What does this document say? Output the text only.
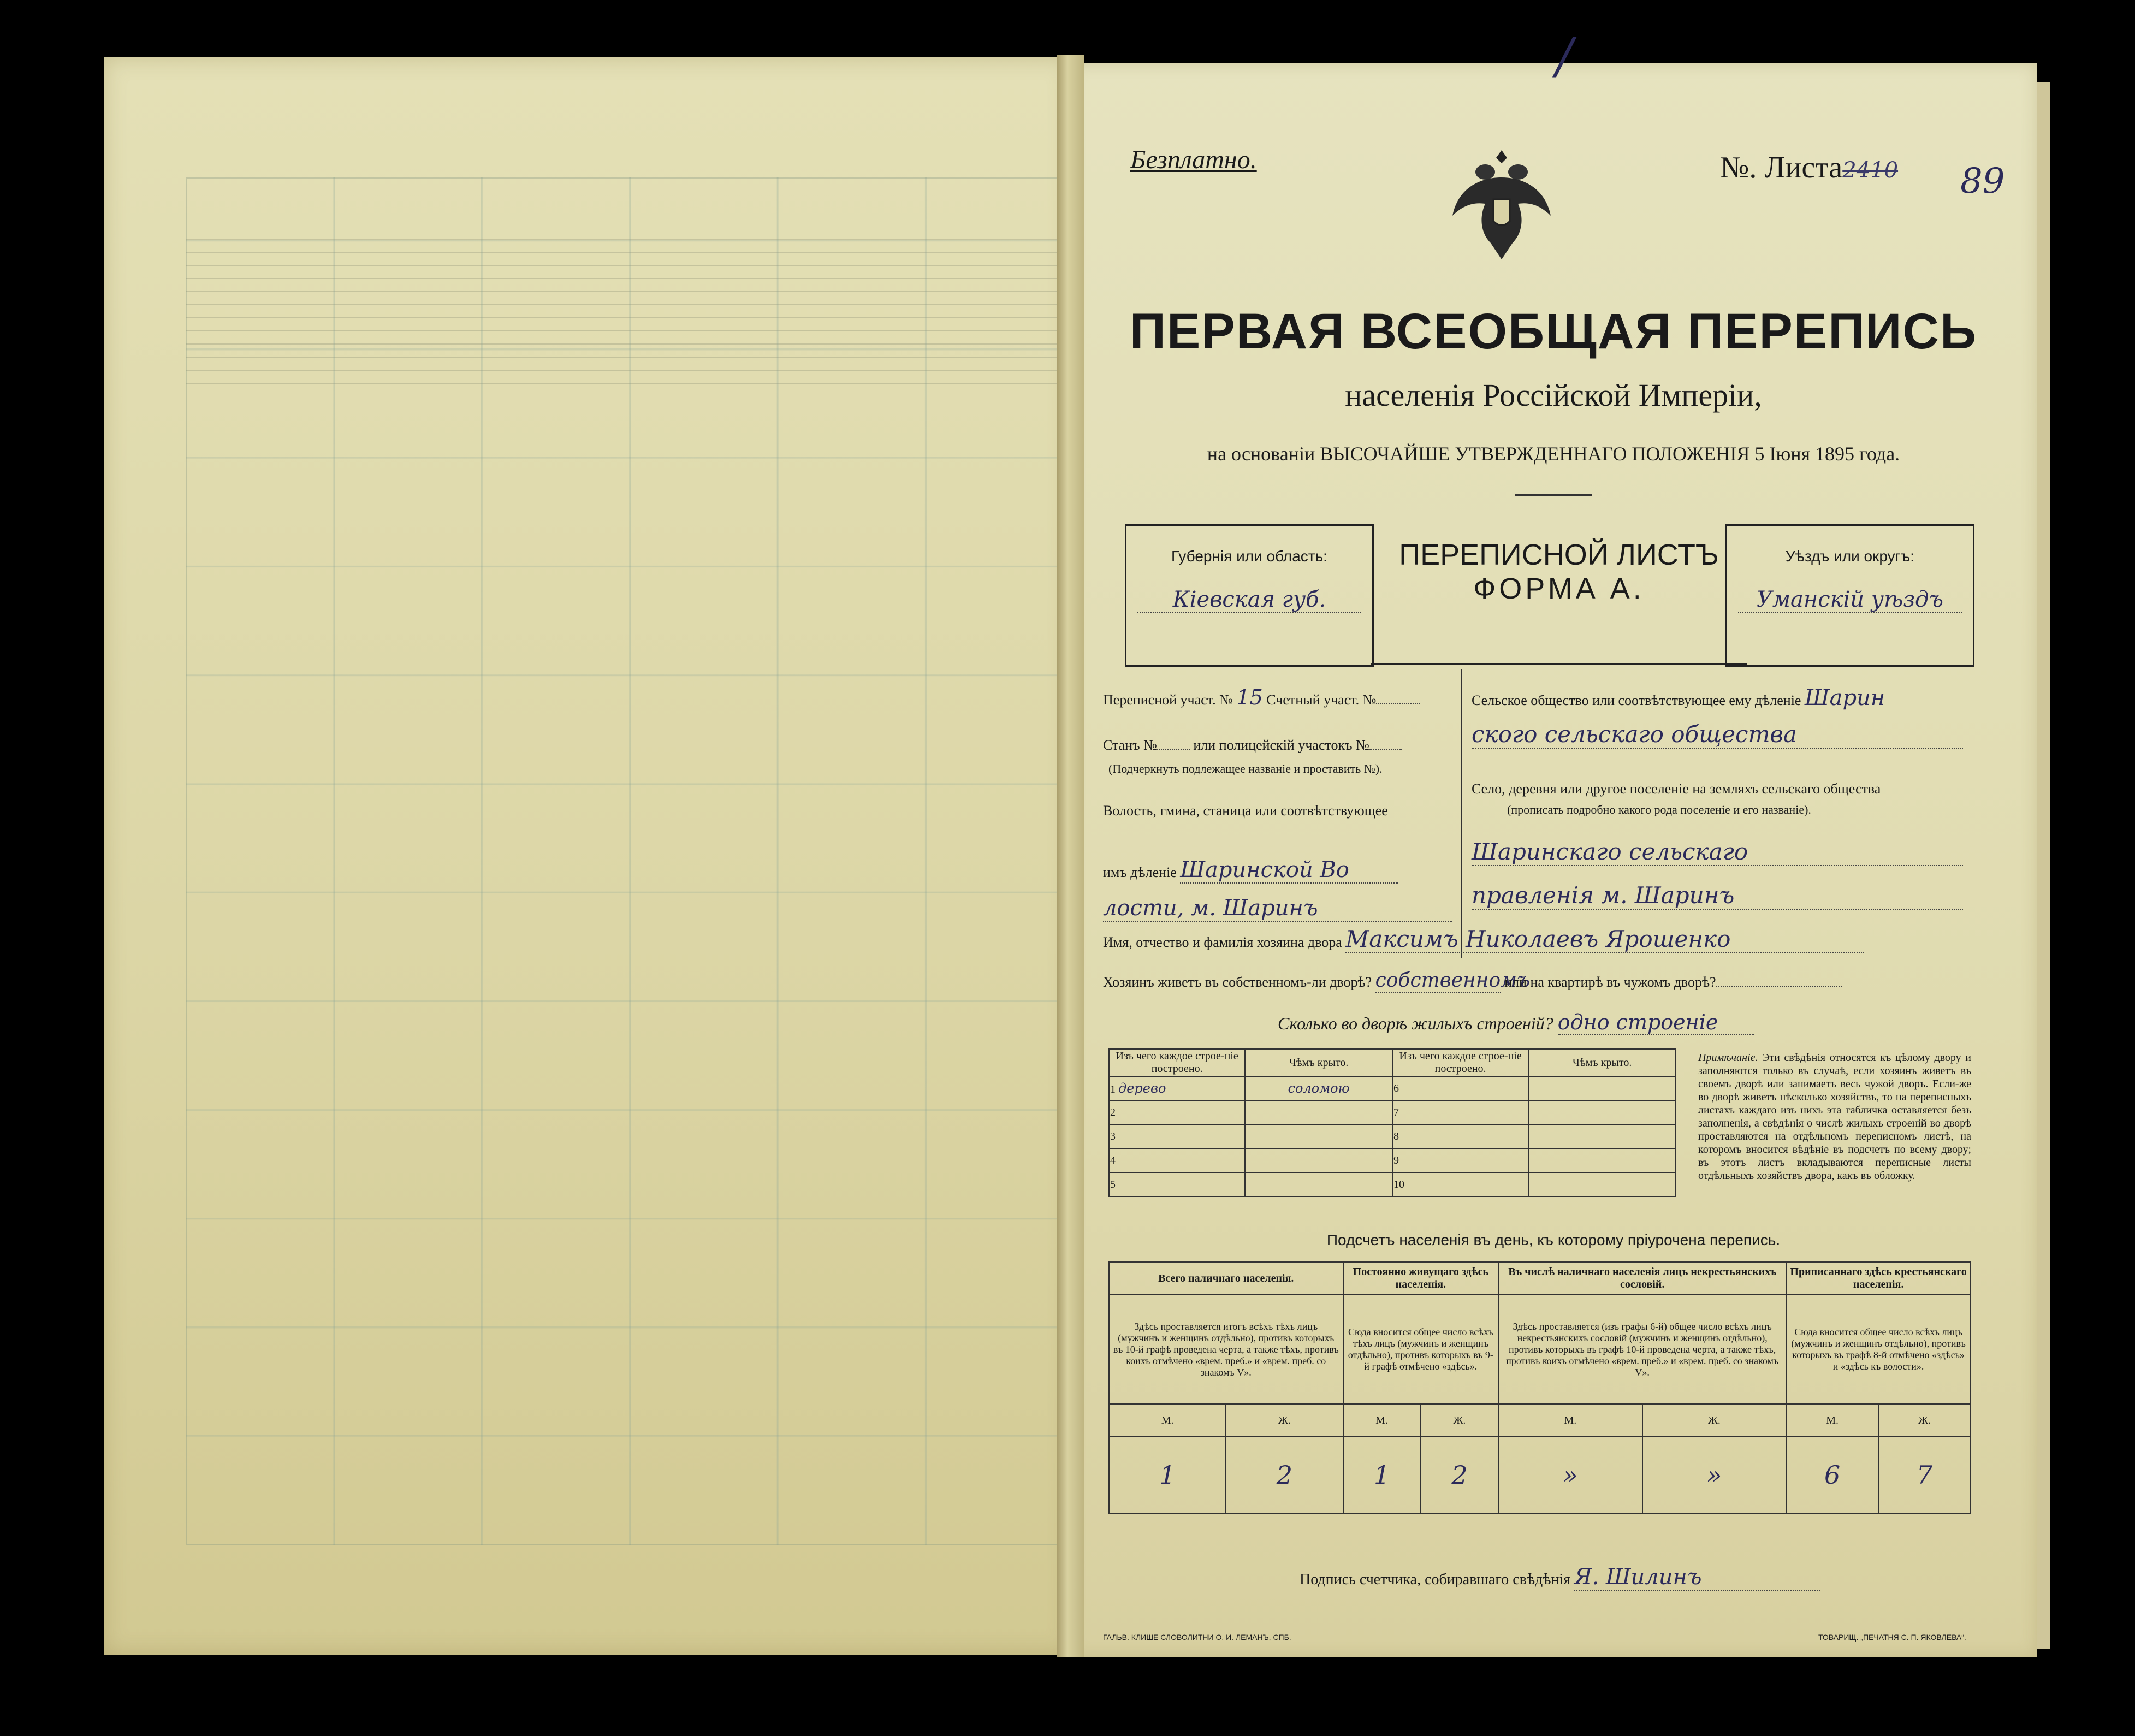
/
Безплатно.	№. Листа2410 89
ПЕРВАЯ ВСЕОБЩАЯ ПЕРЕПИСЬ
населенія Россійской Имперіи,
на основаніи ВЫСОЧАЙШЕ УТВЕРЖДЕННАГО ПОЛОЖЕНІЯ 5 Іюня 1895 года.
Губернія или область:
Кіевская губ.
ПЕРЕПИСНОЙ ЛИСТЪ
ФОРМА А.
Уѣздъ или округъ:
Уманскій уѣздъ
Переписной участ. № 15 Счетный участ. №
Станъ №	или полицейскій участокъ №
(Подчеркнуть подлежащее названіе и проставить №).
Волость, гмина, станица или соотвѣтствующее
имъ дѣленіе Шаринской Во
лости, м. Шаринъ
Сельское общество или соотвѣтствующее ему дѣленіе Шарин
ского сельскаго общества
Село, деревня или другое поселеніе на земляхъ сельскаго общества
(прописать подробно какого рода поселеніе и его названіе).
Шаринскаго сельскаго
правленія м. Шаринъ
Имя, отчество и фамилія хозяина двора Максимъ Николаевъ Ярошенко
Хозяинъ живетъ въ собственномъ-ли дворѣ? собственномъ или на квартирѣ въ чужомъ дворѣ?
Сколько во дворѣ жилыхъ строеній? одно строеніе
Изъ чего каждое строе-ніе построено.	Чѣмъ крыто.	Изъ чего каждое строе-ніе построено.	Чѣмъ крыто.
1 дерево	соломою	6	
2		7	
3		8	
4		9	
5		10	
Примѣчаніе. Эти свѣдѣнія относятся къ цѣлому двору и заполняются только въ случаѣ, если хозяинъ живетъ въ своемъ дворѣ или занимаетъ весь чужой дворъ. Если-же во дворѣ живетъ нѣсколько хозяйствъ, то на переписныхъ листахъ каждаго изъ нихъ эта табличка оставляется безъ заполненія, а свѣдѣнія о числѣ жилыхъ строеній во дворѣ проставляются на отдѣльномъ переписномъ листѣ, на которомъ вносится вѣдѣніе въ подсчетъ по всему двору; въ этотъ листъ вкладываются переписные листы отдѣльныхъ хозяйствъ двора, какъ въ обложку.
Подсчетъ населенія въ день, къ которому пріурочена перепись.
Всего наличнаго населенія.		Постоянно живущаго здѣсь населенія.		Въ числѣ наличнаго населенія лицъ некрестьянскихъ сословій.		Приписаннаго здѣсь крестьянскаго населенія.	
Здѣсь проставляется итогъ всѣхъ тѣхъ лицъ (мужчинъ и женщинъ отдѣльно), противъ которыхъ въ 10-й графѣ проведена черта, а также тѣхъ, противъ коихъ отмѣчено «врем. преб.» и «врем. преб. со знакомъ V».		Сюда вносится общее число всѣхъ тѣхъ лицъ (мужчинъ и женщинъ отдѣльно), противъ которыхъ въ 9-й графѣ отмѣчено «здѣсь».		Здѣсь проставляется (изъ графы 6-й) общее число всѣхъ лицъ некрестьянскихъ сословій (мужчинъ и женщинъ отдѣльно), противъ которыхъ въ графѣ 10-й проведена черта, а также тѣхъ, противъ коихъ отмѣчено «врем. преб.» и «врем. преб. со знакомъ V».		Сюда вносится общее число всѣхъ лицъ (мужчинъ и женщинъ отдѣльно), противъ которыхъ въ графѣ 8-й отмѣчено «здѣсь» и «здѣсь къ волости».	
М.	Ж.	М.	Ж.	М.	Ж.	М.	Ж.
1	2	1	2	»	»	6	7
Подпись счетчика, собиравшаго свѣдѣнія Я. Шилинъ
ГАЛЬВ. КЛИШЕ СЛОВОЛИТНИ О. И. ЛЕМАНЪ, СПБ.	ТОВАРИЩ. „ПЕЧАТНЯ С. П. ЯКОВЛЕВА“.
